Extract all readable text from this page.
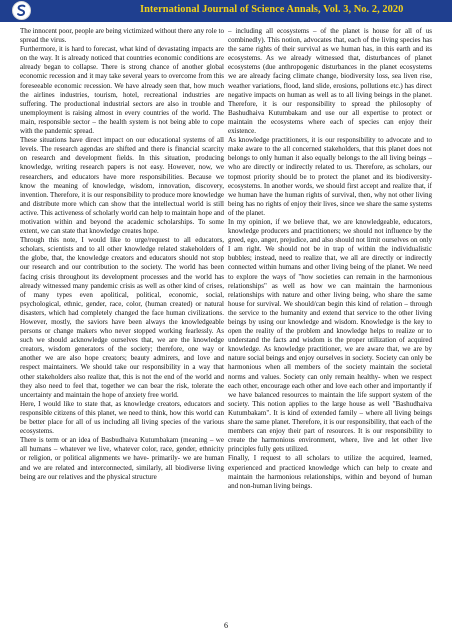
International Journal of Science Annals, Vol. 3, No. 2, 2020

The innocent poor, people are being victimized without there any role to spread the virus.

Furthermore, it is hard to forecast, what kind of devastating impacts are on the way. It is already noticed that countries economic conditions are already began to collapse. There is strong chance of another global economic recession and it may take several years to overcome from this foreseeable economic recession. We have already seen that, how much the airlines industries, tourism, hotel, recreational industries are suffering. The productional industrial sectors are also in trouble and unemployment is raising almost in every countries of the world. The main, responsible sector – the health system is not being able to cope with the pandemic spread.

These situations have direct impact on our educational systems of all levels. The research agendas are shifted and there is financial scarcity on research and development fields. In this situation, producing knowledge, writing research papers is not easy. However, now, we researchers, and educators have more responsibilities. Because we know the meaning of knowledge, wisdom, innovation, discovery, invention. Therefore, it is our responsibility to produce more knowledge and distribute more which can show that the intellectual world is still active. This activeness of scholarly world can help to maintain hope and motivation within and beyond the academic scholarships. To some extent, we can state that knowledge creates hope.

Through this note, I would like to urge/request to all educators, scholars, scientists and to all other knowledge related stakeholders of the globe, that, the knowledge creators and educators should not stop our research and our contribution to the society. The world has been facing crisis throughout its development processes and the world has already witnessed many pandemic crisis as well as other kind of crises, of many types even apolitical, political, economic, social, psychological, ethnic, gender, race, color, (human created) or natural disasters, which had completely changed the face human civilizations. However, mostly, the saviors have been always the knowledgeable persons or change makers who never stopped working fearlessly. As such we should acknowledge ourselves that, we are the knowledge creators, wisdom generators of the society; therefore, one way or another we are also hope creators; beauty admirers, and love and respect maintainers. We should take our responsibility in a way that other stakeholders also realize that, this is not the end of the world and they also need to feel that, together we can bear the risk, tolerate the uncertainty and maintain the hope of anxiety free world.

Here, I would like to state that, as knowledge creators, educators and responsible citizens of this planet, we need to think, how this world can be better place for all of us including all living species of the various ecosystems.

There is term or an idea of Basbudhaiva Kutumbakam (meaning – we all humans – whatever we live, whatever color, race, gender, ethnicity or religion, or political alignments we have- primarily- we are human and we are related and interconnected, similarly, all biodiverse living being are our relatives and the physical structure

– including all ecosystems – of the planet is house for all of us combinedly). This notion, advocates that, each of the living species has the same rights of their survival as we human has, in this earth and its ecosystems. As we already witnessed that, disturbances of planet ecosystems (due anthropogenic disturbances in the planet ecosystems we are already facing climate change, biodiversity loss, sea liven rise, weather variations, flood, land slide, erosions, pollutions etc.) has direct negative impacts on human as well as to all living beings in the planet. Therefore, it is our responsibility to spread the philosophy of Bashudhaiva Kutumbakam and use our all expertise to protect or maintain the ecosystems where each of species can enjoy their existence.

As knowledge practitioners, it is our responsibility to advocate and to make aware to the all concerned stakeholders, that this planet does not belongs to only human it also equally belongs to the all living beings – who are directly or indirectly related to us. Therefore, as scholars, our topmost priority should be to protect the planet and its biodiversity-ecosystems. In another words, we should first accept and realize that, if we human have the human rights of survival, then, why not other living being has no rights of enjoy their lives, since we share the same systems of the planet.

In my opinion, if we believe that, we are knowledgeable, educators, knowledge producers and practitioners; we should not influence by the greed, ego, anger, prejudice, and also should not limit ourselves on only I am right. We should not be in trap of within the individualistic bubbles; instead, need to realize that, we all are directly or indirectly connected within humans and other living being of the planet. We need to explore the ways of "how societies can remain in the harmonious relationships" as well as how we can maintain the harmonious relationships with nature and other living being, who share the same house for survival. We should/can begin this kind of relation – through the service to the humanity and extend that service to the other living beings by using our knowledge and wisdom. Knowledge is the key to open the reality of the problem and knowledge helps to realize or to understand the facts and wisdom is the proper utilization of acquired knowledge. As knowledge practitioner, we are aware that, we are by nature social beings and enjoy ourselves in society. Society can only be harmonious when all members of the society maintain the societal norms and values. Society can only remain healthy- when we respect each other, encourage each other and love each other and importantly if we have balanced resources to maintain the life support system of the society. This notion applies to the large house as well "Bashudhaiva Kutumbakam". It is kind of extended family – where all living beings share the same planet. Therefore, it is our responsibility, that each of the members can enjoy their part of resources. It is our responsibility to create the harmonious environment, where, live and let other live principles fully gets utilized.

Finally, I request to all scholars to utilize the acquired, learned, experienced and practiced knowledge which can help to create and maintain the harmonious relationships, within and beyond of human and non-human living beings.

6
